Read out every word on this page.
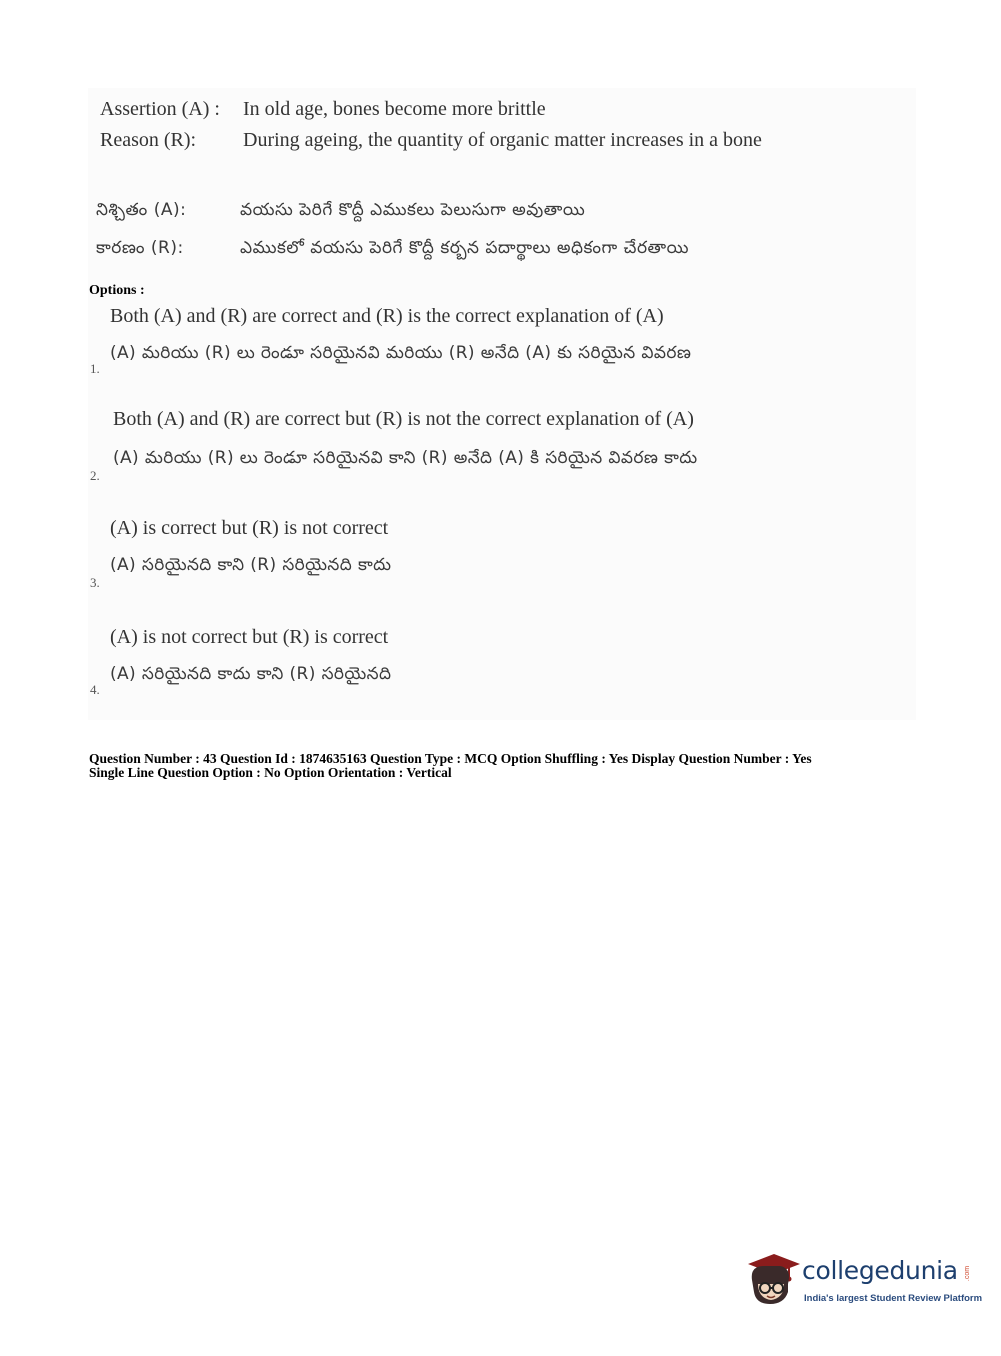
Assertion (A) : In old age, bones become more brittle
Reason (R): During ageing, the quantity of organic matter increases in a bone
నిశ్చితం (A):	వయసు పెరిగే కొద్దీ ఎముకలు పెలుసుగా అవుతాయి
కారణం (R):	ఎముకలో వయసు పెరిగే కొద్దీ కర్బన పదార్థాలు అధికంగా చేరతాయి
Options :
Both (A) and (R) are correct and (R) is the correct explanation of (A)
(A) మరియు (R) లు రెండూ సరియైనవి మరియు (R) అనేది (A) కు సరియైన వివరణ
1.
Both (A) and (R) are correct but (R) is not the correct explanation of (A)
(A) మరియు (R) లు రెండూ సరియైనవి కాని (R) అనేది (A) కి సరియైన వివరణ కాదు
2.
(A) is correct but (R) is not correct
(A) సరియైనది కాని (R) సరియైనది కాదు
3.
(A) is not correct but (R) is correct
(A) సరియైనది కాదు కాని (R) సరియైనది
4.
Question Number : 43 Question Id : 1874635163 Question Type : MCQ Option Shuffling : Yes Display Question Number : Yes
Single Line Question Option : No Option Orientation : Vertical
collegedunia .com
India's largest Student Review Platform
